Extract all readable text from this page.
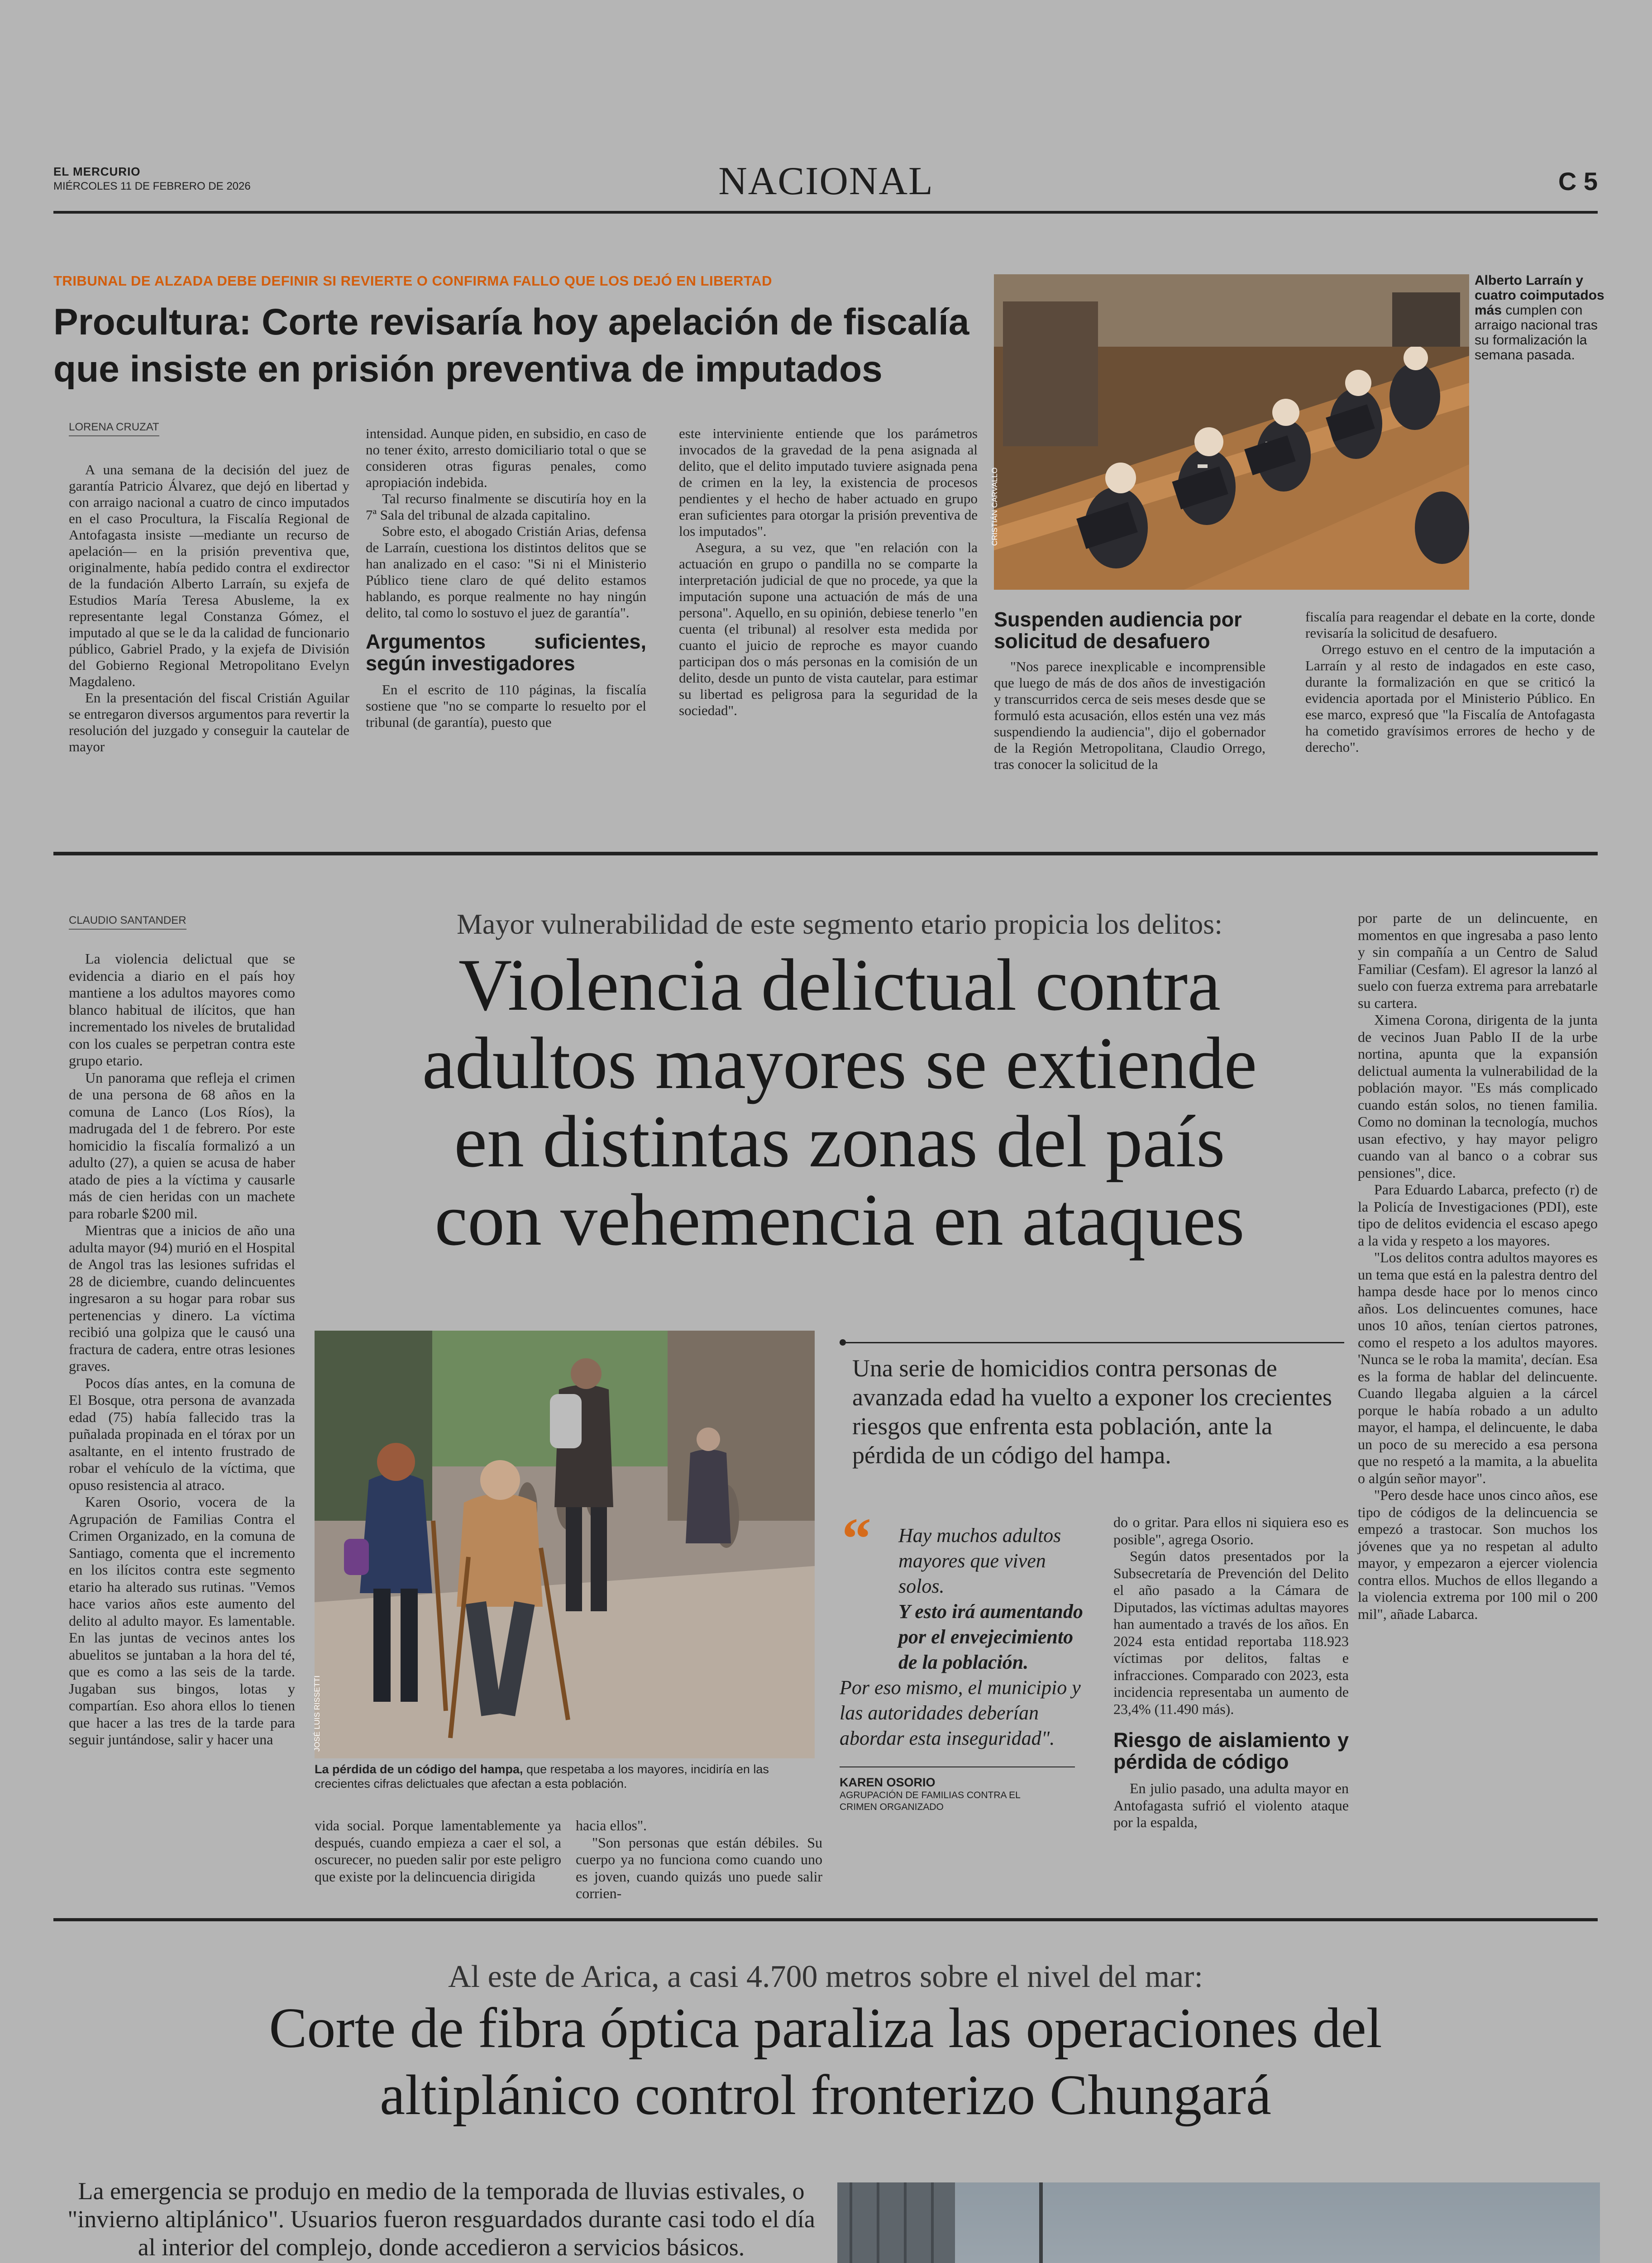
EL MERCURIO
MIÉRCOLES 11 DE FEBRERO DE 2026	NACIONAL	C 5
TRIBUNAL DE ALZADA DEBE DEFINIR SI REVIERTE O CONFIRMA FALLO QUE LOS DEJÓ EN LIBERTAD
Procultura: Corte revisaría hoy apelación de fiscalía
que insiste en prisión preventiva de imputados
LORENA CRUZAT

A una semana de la decisión del juez de garantía Patricio Álvarez, que dejó en libertad y con arraigo nacional a cuatro de cinco imputados en el caso Procultura, la Fiscalía Regional de Antofagasta insiste —mediante un recurso de apelación— en la prisión preventiva que, originalmente, había pedido contra el exdirector de la fundación Alberto Larraín, su exjefa de Estudios María Teresa Abusleme, la ex representante legal Constanza Gómez, el imputado al que se le da la calidad de funcionario público, Gabriel Prado, y la exjefa de División del Gobierno Regional Metropolitano Evelyn Magdaleno.

En la presentación del fiscal Cristián Aguilar se entregaron diversos argumentos para revertir la resolución del juzgado y conseguir la cautelar de mayor

intensidad. Aunque piden, en subsidio, en caso de no tener éxito, arresto domiciliario total o que se consideren otras figuras penales, como apropiación indebida.

Tal recurso finalmente se discutiría hoy en la 7ª Sala del tribunal de alzada capitalino.

Sobre esto, el abogado Cristián Arias, defensa de Larraín, cuestiona los distintos delitos que se han analizado en el caso: "Si ni el Ministerio Público tiene claro de qué delito estamos hablando, es porque realmente no hay ningún delito, tal como lo sostuvo el juez de garantía".

Argumentos suficientes, según investigadores

En el escrito de 110 páginas, la fiscalía sostiene que "no se comparte lo resuelto por el tribunal (de garantía), puesto que

este interviniente entiende que los parámetros invocados de la gravedad de la pena asignada al delito, que el delito imputado tuviere asignada pena de crimen en la ley, la existencia de procesos pendientes y el hecho de haber actuado en grupo eran suficientes para otorgar la prisión preventiva de los imputados".

Asegura, a su vez, que "en relación con la actuación en grupo o pandilla no se comparte la interpretación judicial de que no procede, ya que la imputación supone una actuación de más de una persona". Aquello, en su opinión, debiese tenerlo "en cuenta (el tribunal) al resolver esta medida por cuanto el juicio de reproche es mayor cuando participan dos o más personas en la comisión de un delito, desde un punto de vista cautelar, para estimar su libertad es peligrosa para la seguridad de la sociedad".

CRISTIÁN CARVALLO
Alberto Larraín y cuatro coimputados más cumplen con arraigo nacional tras su formalización la semana pasada.
Suspenden audiencia por solicitud de desafuero

"Nos parece inexplicable e incomprensible que luego de más de dos años de investigación y transcurridos cerca de seis meses desde que se formuló esta acusación, ellos estén una vez más suspendiendo la audiencia", dijo el gobernador de la Región Metropolitana, Claudio Orrego, tras conocer la solicitud de la

fiscalía para reagendar el debate en la corte, donde revisaría la solicitud de desafuero.

Orrego estuvo en el centro de la imputación a Larraín y al resto de indagados en este caso, durante la formalización en que se criticó la evidencia aportada por el Ministerio Público. En ese marco, expresó que "la Fiscalía de Antofagasta ha cometido gravísimos errores de hecho y de derecho".

CLAUDIO SANTANDER

La violencia delictual que se evidencia a diario en el país hoy mantiene a los adultos mayores como blanco habitual de ilícitos, que han incrementado los niveles de brutalidad con los cuales se perpetran contra este grupo etario.

Un panorama que refleja el crimen de una persona de 68 años en la comuna de Lanco (Los Ríos), la madrugada del 1 de febrero. Por este homicidio la fiscalía formalizó a un adulto (27), a quien se acusa de haber atado de pies a la víctima y causarle más de cien heridas con un machete para robarle $200 mil.

Mientras que a inicios de año una adulta mayor (94) murió en el Hospital de Angol tras las lesiones sufridas el 28 de diciembre, cuando delincuentes ingresaron a su hogar para robar sus pertenencias y dinero. La víctima recibió una golpiza que le causó una fractura de cadera, entre otras lesiones graves.

Pocos días antes, en la comuna de El Bosque, otra persona de avanzada edad (75) había fallecido tras la puñalada propinada en el tórax por un asaltante, en el intento frustrado de robar el vehículo de la víctima, que opuso resistencia al atraco.

Karen Osorio, vocera de la Agrupación de Familias Contra el Crimen Organizado, en la comuna de Santiago, comenta que el incremento en los ilícitos contra este segmento etario ha alterado sus rutinas. "Vemos hace varios años este aumento del delito al adulto mayor. Es lamentable. En las juntas de vecinos antes los abuelitos se juntaban a la hora del té, que es como a las seis de la tarde. Jugaban sus bingos, lotas y compartían. Eso ahora ellos lo tienen que hacer a las tres de la tarde para seguir juntándose, salir y hacer una

Mayor vulnerabilidad de este segmento etario propicia los delitos:
Violencia delictual contra
adultos mayores se extiende
en distintas zonas del país
con vehemencia en ataques
JOSÉ LUIS RISSETTI
La pérdida de un código del hampa, que respetaba a los mayores, incidiría en las crecientes cifras delictuales que afectan a esta población.
vida social. Porque lamentablemente ya después, cuando empieza a caer el sol, a oscurecer, no pueden salir por este peligro que existe por la delincuencia dirigida

hacia ellos".

"Son personas que están débiles. Su cuerpo ya no funciona como cuando uno es joven, cuando quizás uno puede salir corrien-

Una serie de homicidios contra personas de avanzada edad ha vuelto a exponer los crecientes riesgos que enfrenta esta población, ante la pérdida de un código del hampa.
“ Hay muchos adultos mayores que viven solos.
Y esto irá aumentando por el envejecimiento de la población.
Por eso mismo, el municipio y las autoridades deberían abordar esta inseguridad".
KAREN OSORIO
AGRUPACIÓN DE FAMILIAS CONTRA EL CRIMEN ORGANIZADO

do o gritar. Para ellos ni siquiera eso es posible", agrega Osorio.

Según datos presentados por la Subsecretaría de Prevención del Delito el año pasado a la Cámara de Diputados, las víctimas adultas mayores han aumentado a través de los años. En 2024 esta entidad reportaba 118.923 víctimas por delitos, faltas e infracciones. Comparado con 2023, esta incidencia representaba un aumento de 23,4% (11.490 más).

Riesgo de aislamiento y pérdida de código

En julio pasado, una adulta mayor en Antofagasta sufrió el violento ataque por la espalda,

por parte de un delincuente, en momentos en que ingresaba a paso lento y sin compañía a un Centro de Salud Familiar (Cesfam). El agresor la lanzó al suelo con fuerza extrema para arrebatarle su cartera.

Ximena Corona, dirigenta de la junta de vecinos Juan Pablo II de la urbe nortina, apunta que la expansión delictual aumenta la vulnerabilidad de la población mayor. "Es más complicado cuando están solos, no tienen familia. Como no dominan la tecnología, muchos usan efectivo, y hay mayor peligro cuando van al banco o a cobrar sus pensiones", dice.

Para Eduardo Labarca, prefecto (r) de la Policía de Investigaciones (PDI), este tipo de delitos evidencia el escaso apego a la vida y respeto a los mayores.

"Los delitos contra adultos mayores es un tema que está en la palestra dentro del hampa desde hace por lo menos cinco años. Los delincuentes comunes, hace unos 10 años, tenían ciertos patrones, como el respeto a los adultos mayores. 'Nunca se le roba la mamita', decían. Esa es la forma de hablar del delincuente. Cuando llegaba alguien a la cárcel porque le había robado a un adulto mayor, el hampa, el delincuente, le daba un poco de su merecido a esa persona que no respetó a la mamita, a la abuelita o algún señor mayor".

"Pero desde hace unos cinco años, ese tipo de códigos de la delincuencia se empezó a trastocar. Son muchos los jóvenes que ya no respetan al adulto mayor, y empezaron a ejercer violencia contra ellos. Muchos de ellos llegando a la violencia extrema por 100 mil o 200 mil", añade Labarca.

Al este de Arica, a casi 4.700 metros sobre el nivel del mar:
Corte de fibra óptica paraliza las operaciones del
altiplánico control fronterizo Chungará
La emergencia se produjo en medio de la temporada de lluvias estivales, o "invierno altiplánico". Usuarios fueron resguardados durante casi todo el día al interior del complejo, donde accedieron a servicios básicos.
